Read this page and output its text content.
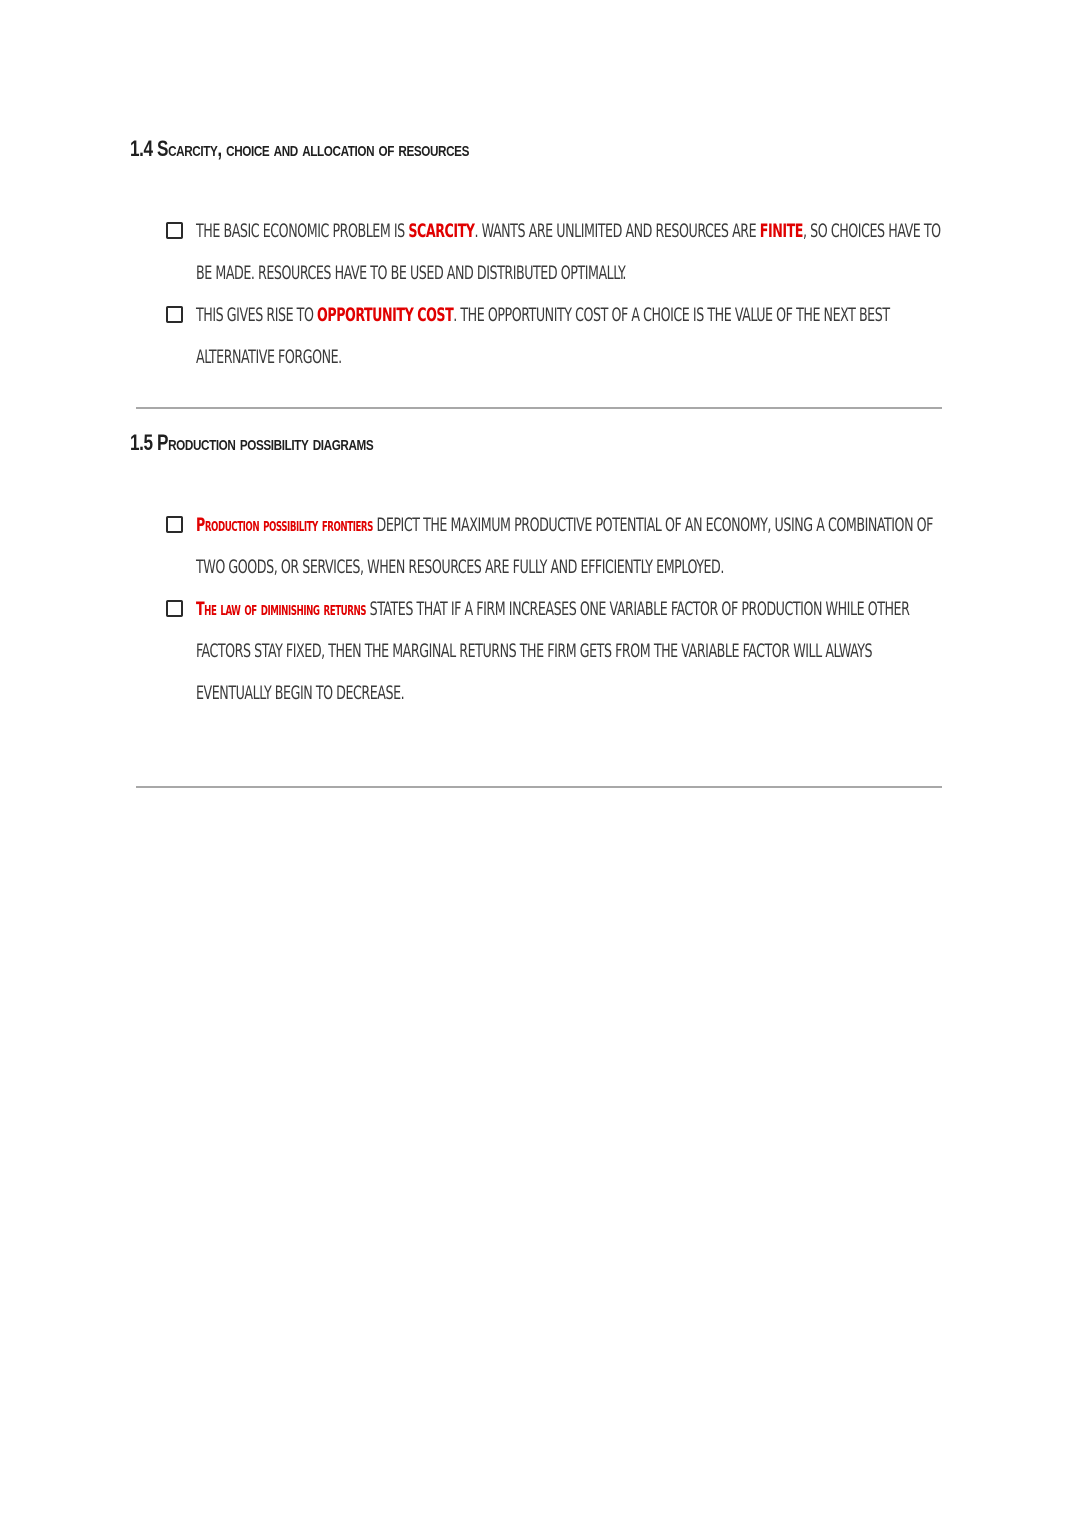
1.4 Scarcity, choice and allocation of resources
THE BASIC ECONOMIC PROBLEM IS SCARCITY. WANTS ARE UNLIMITED AND RESOURCES ARE FINITE, SO CHOICES HAVE TO BE MADE. RESOURCES HAVE TO BE USED AND DISTRIBUTED OPTIMALLY.
THIS GIVES RISE TO OPPORTUNITY COST. THE OPPORTUNITY COST OF A CHOICE IS THE VALUE OF THE NEXT BEST ALTERNATIVE FORGONE.
1.5 Production possibility diagrams
Production possibility frontiers DEPICT THE MAXIMUM PRODUCTIVE POTENTIAL OF AN ECONOMY, USING A COMBINATION OF TWO GOODS, OR SERVICES, WHEN RESOURCES ARE FULLY AND EFFICIENTLY EMPLOYED.
The law of diminishing returns STATES THAT IF A FIRM INCREASES ONE VARIABLE FACTOR OF PRODUCTION WHILE OTHER FACTORS STAY FIXED, THEN THE MARGINAL RETURNS THE FIRM GETS FROM THE VARIABLE FACTOR WILL ALWAYS EVENTUALLY BEGIN TO DECREASE.
